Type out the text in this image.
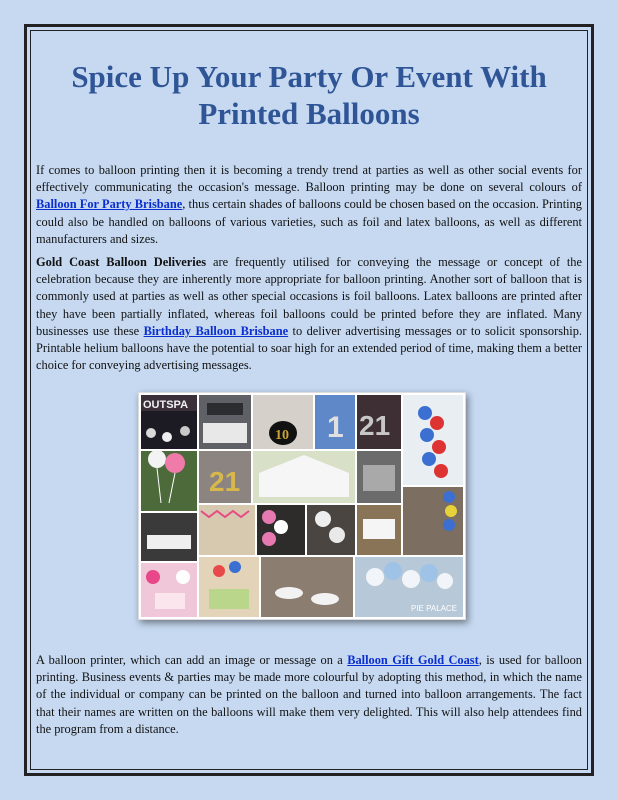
Spice Up Your Party Or Event With Printed Balloons

If comes to balloon printing then it is becoming a trendy trend at parties as well as other social events for effectively communicating the occasion's message. Balloon printing may be done on several colours of Balloon For Party Brisbane, thus certain shades of balloons could be chosen based on the occasion. Printing could also be handled on balloons of various varieties, such as foil and latex balloons, as well as different manufacturers and sizes.

Gold Coast Balloon Deliveries are frequently utilised for conveying the message or concept of the celebration because they are inherently more appropriate for balloon printing. Another sort of balloon that is commonly used at parties as well as other special occasions is foil balloons. Latex balloons are printed after they have been partially inflated, whereas foil balloons could be printed before they are inflated. Many businesses use these Birthday Balloon Brisbane to deliver advertising messages or to solicit sponsorship. Printable helium balloons have the potential to soar high for an extended period of time, making them a better choice for conveying advertising messages.

OUTSPA
10 1 21
21
PIE PALACE

A balloon printer, which can add an image or message on a Balloon Gift Gold Coast, is used for balloon printing. Business events & parties may be made more colourful by adopting this method, in which the name of the individual or company can be printed on the balloon and turned into balloon arrangements. The fact that their names are written on the balloons will make them very delighted. This will also help attendees find the program from a distance.
